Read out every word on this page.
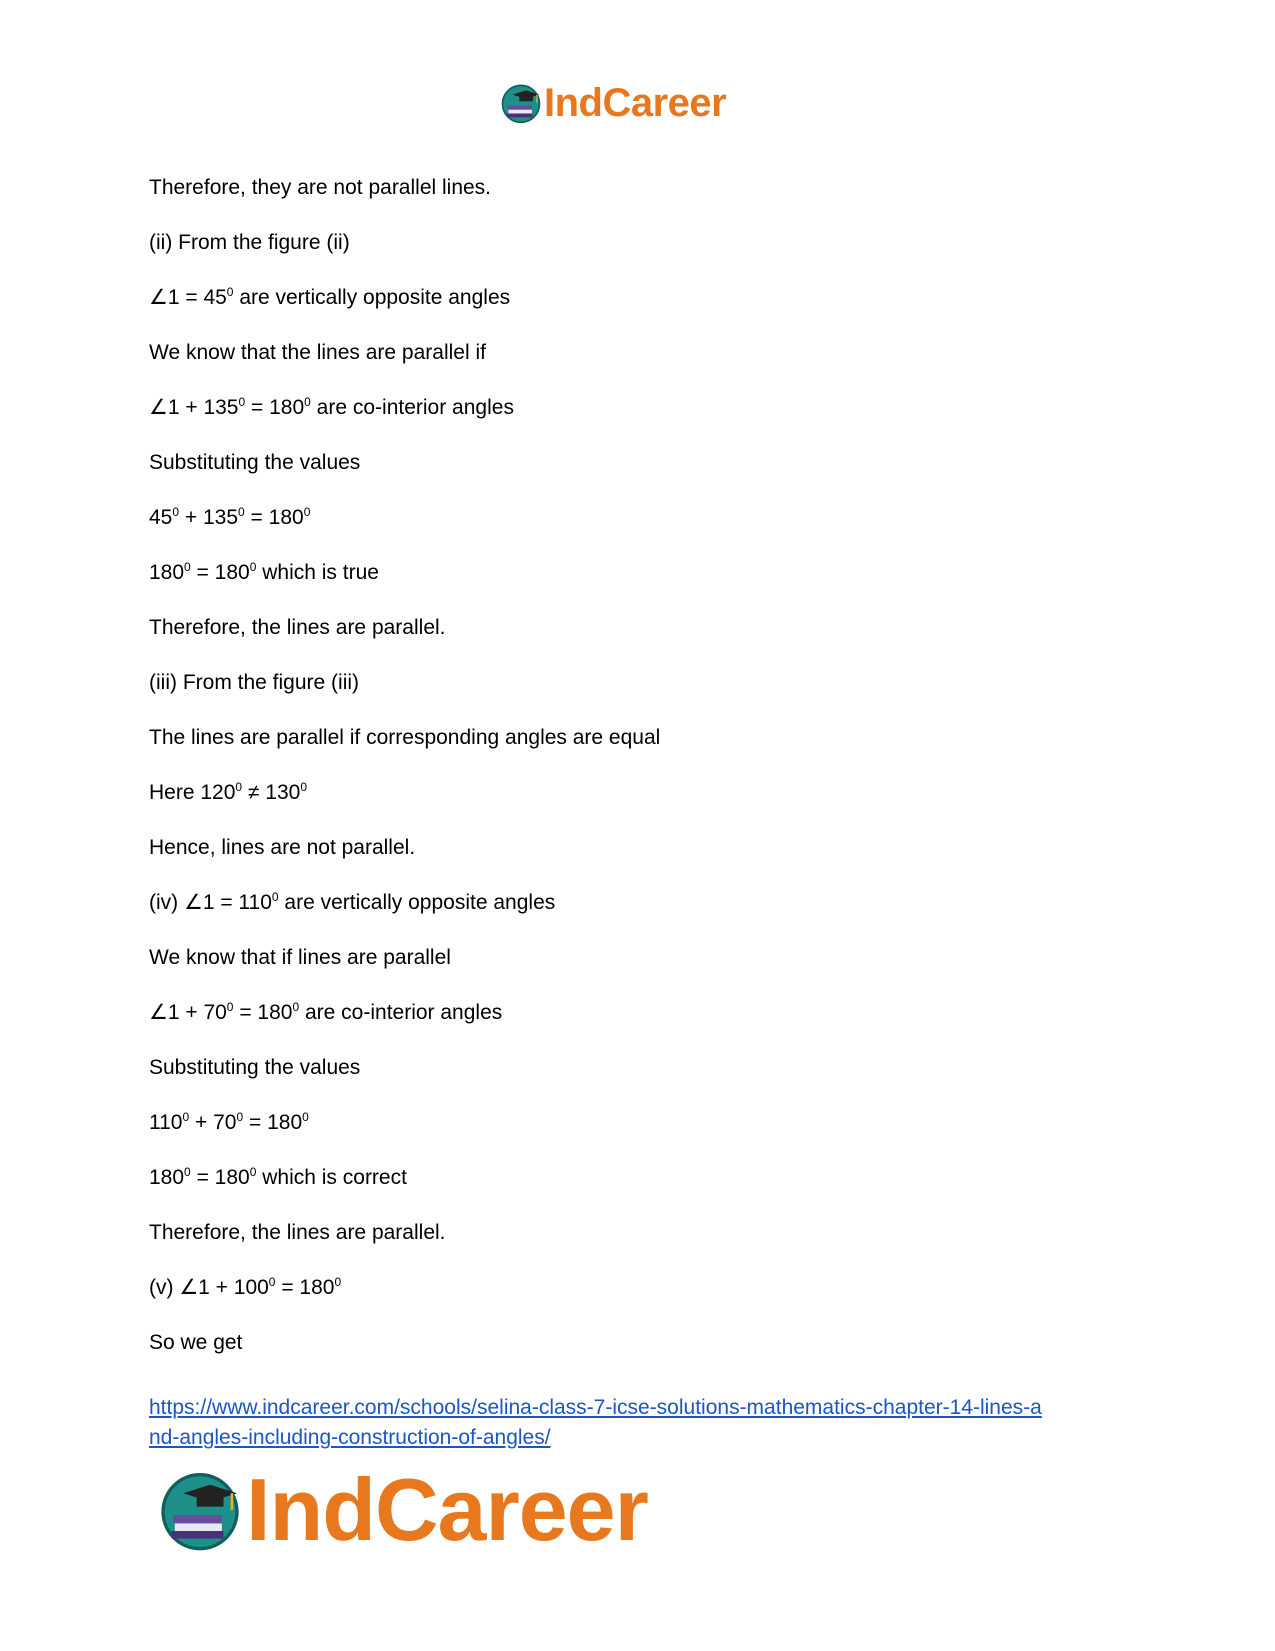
IndCareer
Therefore, they are not parallel lines.
(ii) From the figure (ii)
∠1 = $45^0$ are vertically opposite angles
We know that the lines are parallel if
∠1 + $135^0 = 180^0$ are co-interior angles
Substituting the values
$45^0 + 135^0 = 180^0$
$180^0 = 180^0$ which is true
Therefore, the lines are parallel.
(iii) From the figure (iii)
The lines are parallel if corresponding angles are equal
Here $120^0 \ne 130^0$
Hence, lines are not parallel.
(iv) ∠1 = $110^0$ are vertically opposite angles
We know that if lines are parallel
∠1 + $70^0 = 180^0$ are co-interior angles
Substituting the values
$110^0 + 70^0 = 180^0$
$180^0 = 180^0$ which is correct
Therefore, the lines are parallel.
(v) ∠1 + $100^0 = 180^0$
So we get
https://www.indcareer.com/schools/selina-class-7-icse-solutions-mathematics-chapter-14-lines-a
nd-angles-including-construction-of-angles/
IndCareer
